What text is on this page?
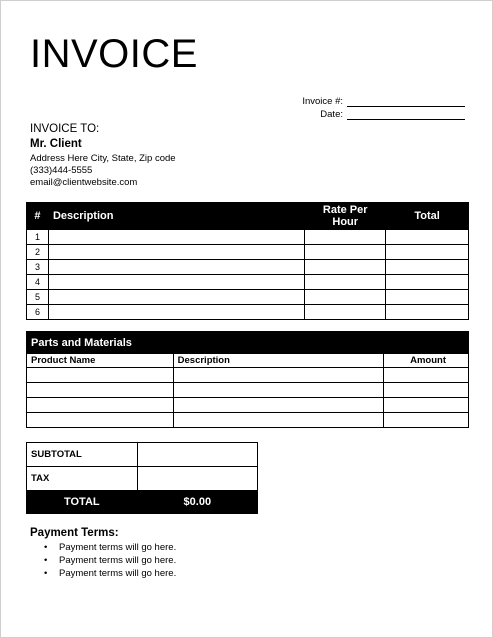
INVOICE
Invoice #:
Date:
INVOICE TO:
Mr. Client
Address Here City, State, Zip code
(333)444-5555
email@clientwebsite.com
#	Description	Rate Per Hour	Total
1			
2			
3			
4			
5			
6			
Parts and Materials		
Product Name	Description	Amount

SUBTOTAL	
TAX	
TOTAL	$0.00
Payment Terms:
• Payment terms will go here.
• Payment terms will go here.
• Payment terms will go here.
